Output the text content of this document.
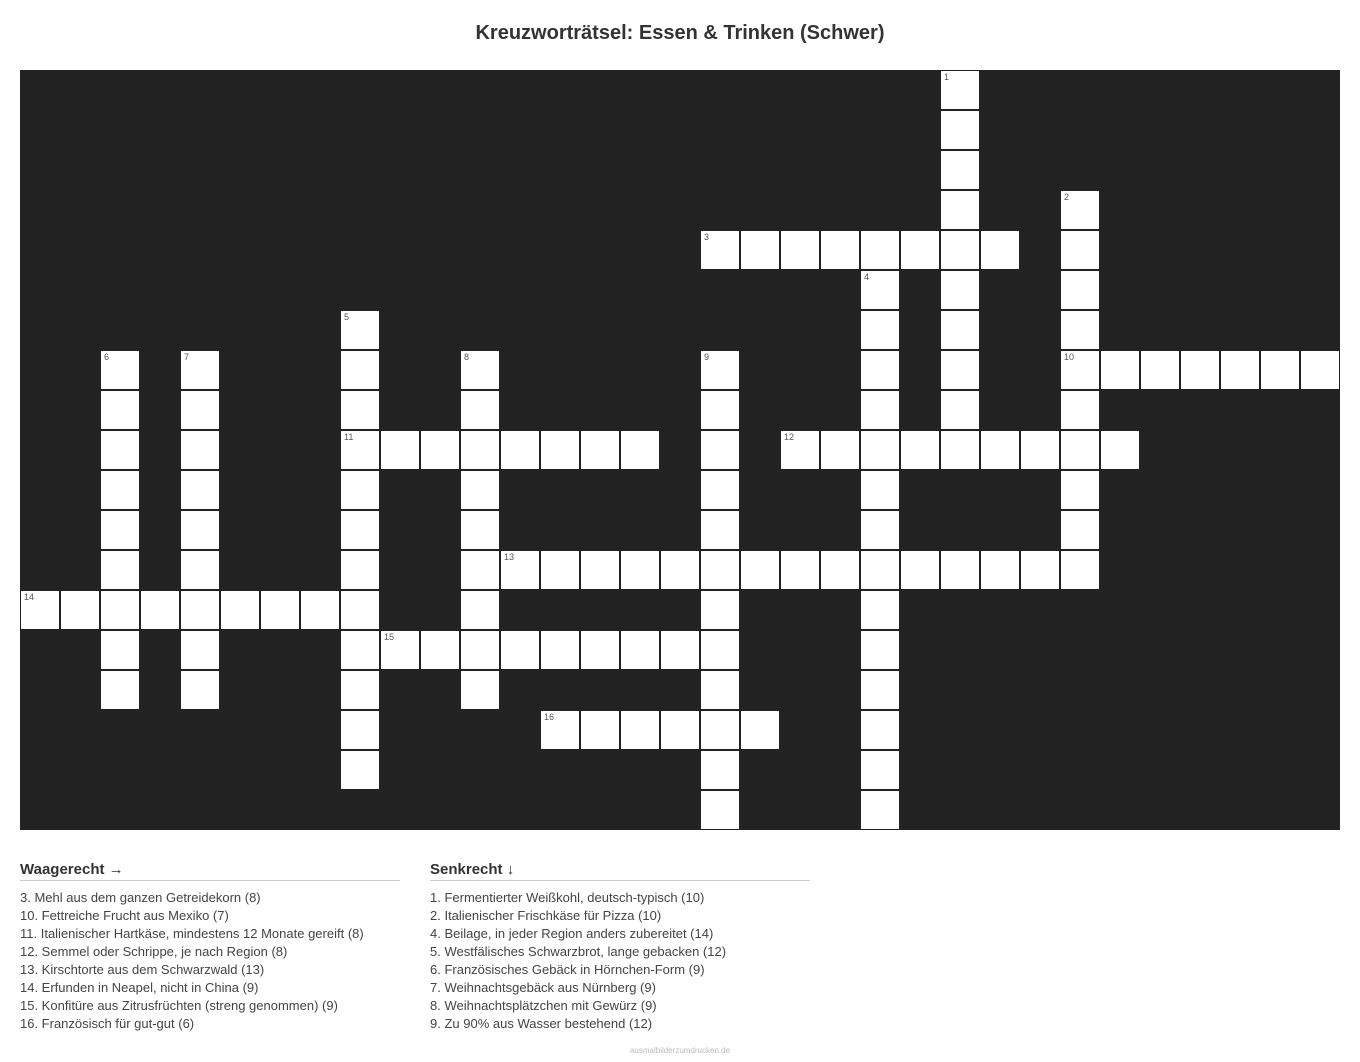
Kreuzworträtsel: Essen & Trinken (Schwer)
1
2
10
3
4
5
11
6	7	8	9
12
13
14
15
16
Waagerecht →
3. Mehl aus dem ganzen Getreidekorn (8)
10. Fettreiche Frucht aus Mexiko (7)
11. Italienischer Hartkäse, mindestens 12 Monate gereift (8)
12. Semmel oder Schrippe, je nach Region (8)
13. Kirschtorte aus dem Schwarzwald (13)
14. Erfunden in Neapel, nicht in China (9)
15. Konfitüre aus Zitrusfrüchten (streng genommen) (9)
16. Französisch für gut-gut (6)
Senkrecht ↓
1. Fermentierter Weißkohl, deutsch-typisch (10)
2. Italienischer Frischkäse für Pizza (10)
4. Beilage, in jeder Region anders zubereitet (14)
5. Westfälisches Schwarzbrot, lange gebacken (12)
6. Französisches Gebäck in Hörnchen-Form (9)
7. Weihnachtsgebäck aus Nürnberg (9)
8. Weihnachtsplätzchen mit Gewürz (9)
9. Zu 90% aus Wasser bestehend (12)
ausmalbilderzumdrucken.de
